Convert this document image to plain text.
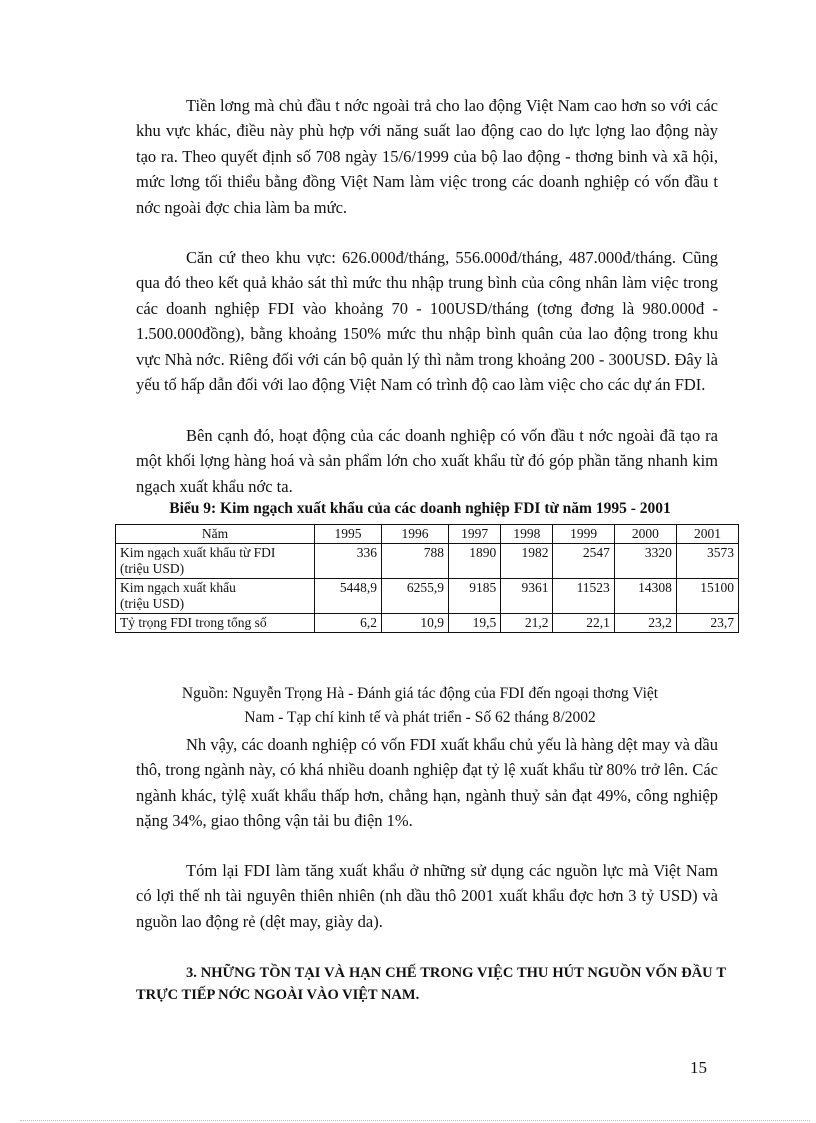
Tiền lơng mà chủ đầu t nớc ngoài trả cho lao động Việt Nam cao hơn so với các khu vực khác, điều này phù hợp với năng suất lao động cao do lực lợng lao động này tạo ra. Theo quyết định số 708 ngày 15/6/1999 của bộ lao động - thơng binh và xã hội, mức lơng tối thiểu bằng đồng Việt Nam làm việc trong các doanh nghiệp có vốn đầu t nớc ngoài đợc chia làm ba mức.

Căn cứ theo khu vực: 626.000đ/tháng, 556.000đ/tháng, 487.000đ/tháng. Cũng qua đó theo kết quả khảo sát thì mức thu nhập trung bình của công nhân làm việc trong các doanh nghiệp FDI vào khoảng 70 - 100USD/tháng (tơng đơng là 980.000đ - 1.500.000đồng), bằng khoảng 150% mức thu nhập bình quân của lao động trong khu vực Nhà nớc. Riêng đối với cán bộ quản lý thì nằm trong khoảng 200 - 300USD. Đây là yếu tố hấp dẫn đối với lao động Việt Nam có trình độ cao làm việc cho các dự án FDI.

Bên cạnh đó, hoạt động của các doanh nghiệp có vốn đầu t nớc ngoài đã tạo ra một khối lợng hàng hoá và sản phẩm lớn cho xuất khẩu từ đó góp phần tăng nhanh kim ngạch xuất khẩu nớc ta.

Biểu 9: Kim ngạch xuất khẩu của các doanh nghiệp FDI từ năm 1995 - 2001
Năm	1995	1996	1997	1998	1999	2000	2001
Kim ngạch xuất khẩu từ FDI
(triệu USD)	336	788	1890	1982	2547	3320	3573
Kim ngạch xuất khẩu
(triệu USD)	5448,9	6255,9	9185	9361	11523	14308	15100
Tỷ trọng FDI trong tổng số	6,2	10,9	19,5	21,2	22,1	23,2	23,7
Nguồn: Nguyễn Trọng Hà - Đánh giá tác động của FDI đến ngoại thơng Việt
Nam - Tạp chí kinh tế và phát triển - Số 62 tháng 8/2002

Nh vậy, các doanh nghiệp có vốn FDI xuất khẩu chủ yếu là hàng dệt may và dầu thô, trong ngành này, có khá nhiều doanh nghiệp đạt tỷ lệ xuất khẩu từ 80% trở lên. Các ngành khác, tỷlệ xuất khẩu thấp hơn, chẳng hạn, ngành thuỷ sản đạt 49%, công nghiệp nặng 34%, giao thông vận tải bu điện 1%.

Tóm lại FDI làm tăng xuất khẩu ở những sử dụng các nguồn lực mà Việt Nam có lợi thế nh tài nguyên thiên nhiên (nh dầu thô 2001 xuất khẩu đợc hơn 3 tỷ USD) và nguồn lao động rẻ (dệt may, giày da).

3. NHỮNG TỒN TẠI VÀ HẠN CHẾ TRONG VIỆC THU HÚT NGUỒN VỐN ĐẦU T TRỰC TIẾP NỚC NGOÀI VÀO VIỆT NAM.
15
